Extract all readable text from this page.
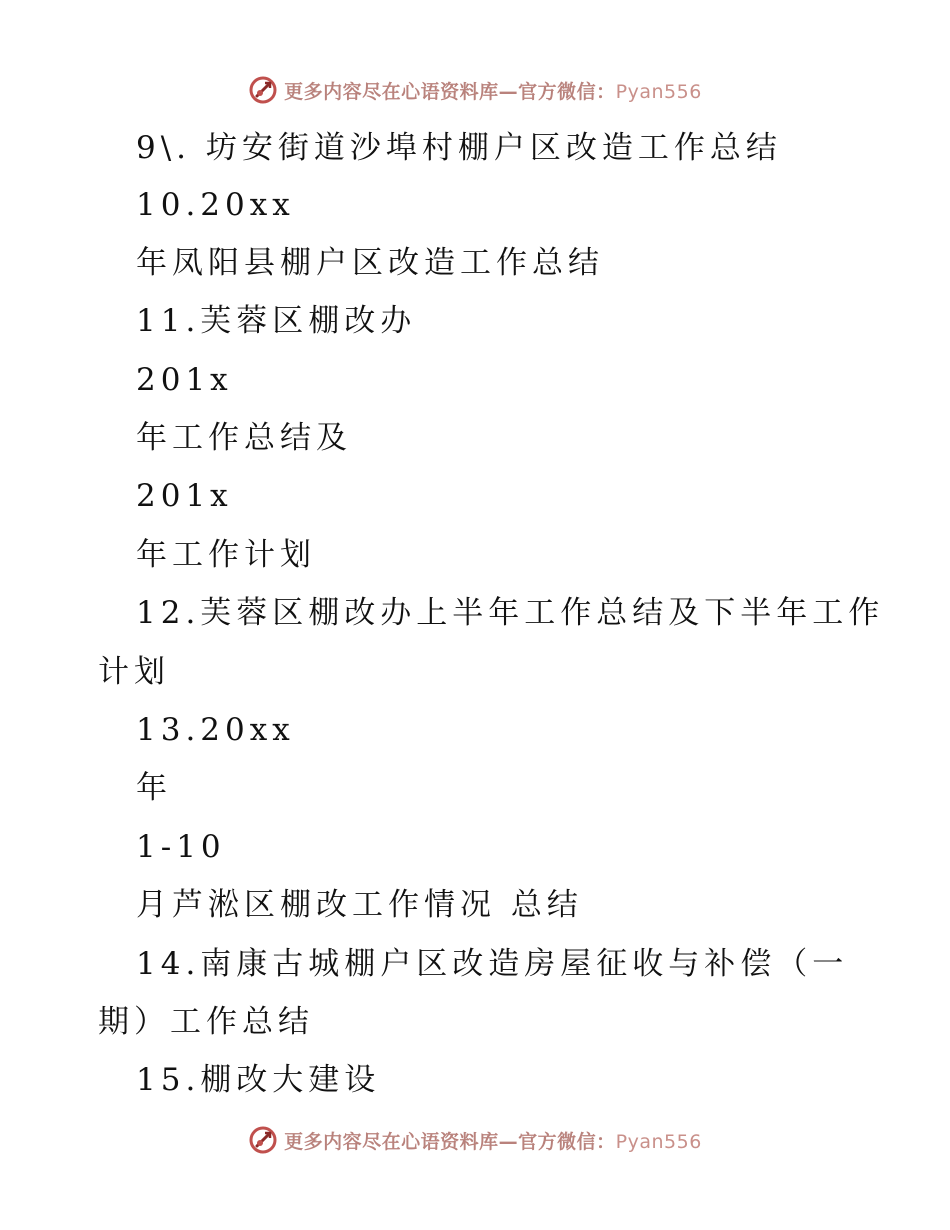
更多内容尽在心语资料库—官方微信：Pyan556
9\. 坊安街道沙埠村棚户区改造工作总结
10.20xx
年凤阳县棚户区改造工作总结
11.芙蓉区棚改办
201x
年工作总结及
201x
年工作计划
12.芙蓉区棚改办上半年工作总结及下半年工作
计划
13.20xx
年
1-10
月芦淞区棚改工作情况 总结
14.南康古城棚户区改造房屋征收与补偿（一
期）工作总结
15.棚改大建设
更多内容尽在心语资料库—官方微信：Pyan556
